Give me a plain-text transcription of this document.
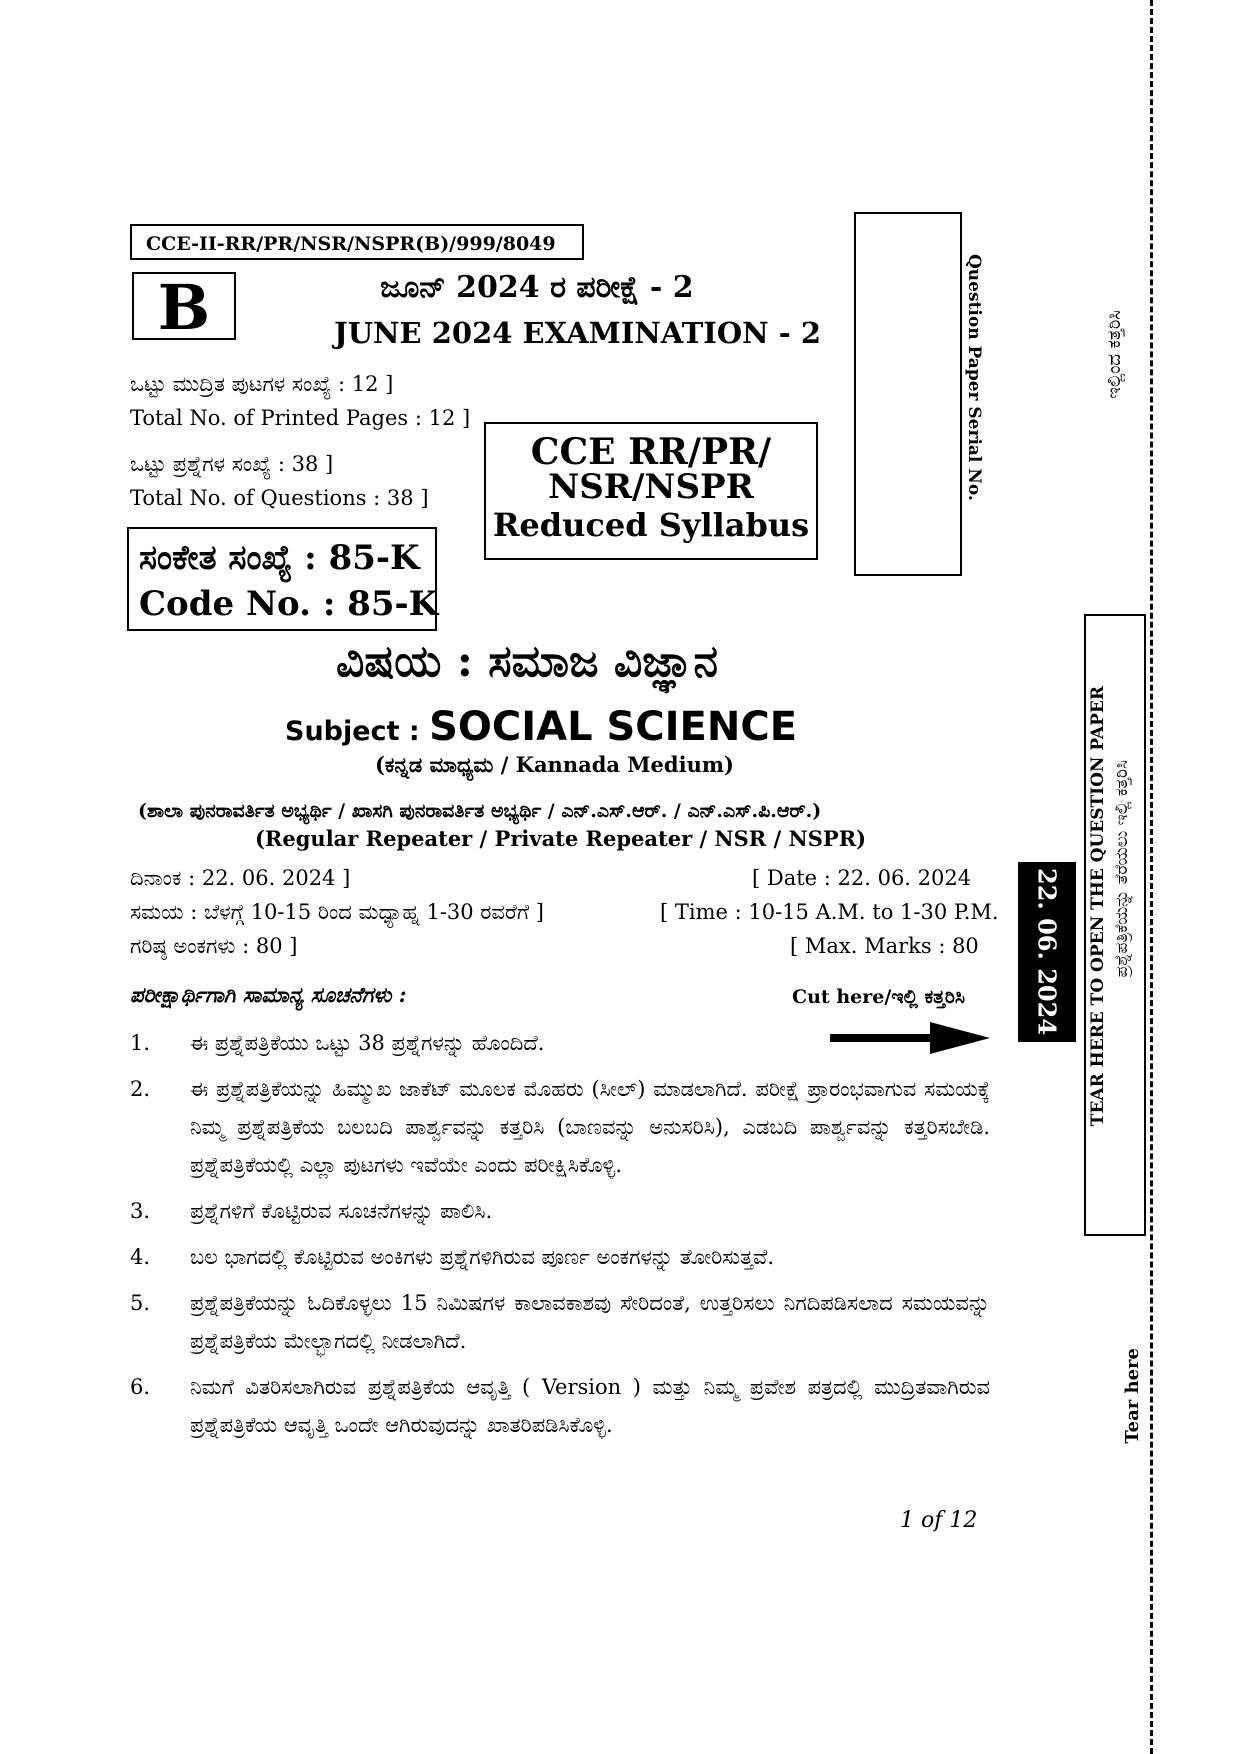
CCE-II-RR/PR/NSR/NSPR(B)/999/8049
B	ಜೂನ್ 2024 ರ ಪರೀಕ್ಷೆ - 2
JUNE 2024 EXAMINATION - 2
ಒಟ್ಟು ಮುದ್ರಿತ ಪುಟಗಳ ಸಂಖ್ಯೆ : 12 ]
Total No. of Printed Pages : 12 ]
ಒಟ್ಟು ಪ್ರಶ್ನೆಗಳ ಸಂಖ್ಯೆ : 38 ]
Total No. of Questions : 38 ]
CCE RR/PR/
NSR/NSPR
Reduced Syllabus
ಸಂಕೇತ ಸಂಖ್ಯೆ : 85-K
Code No. : 85-K
Question Paper Serial No.
ವಿಷಯ : ಸಮಾಜ ವಿಜ್ಞಾನ
Subject : SOCIAL SCIENCE
(ಕನ್ನಡ ಮಾಧ್ಯಮ / Kannada Medium)
(ಶಾಲಾ ಪುನರಾವರ್ತಿತ ಅಭ್ಯರ್ಥಿ / ಖಾಸಗಿ ಪುನರಾವರ್ತಿತ ಅಭ್ಯರ್ಥಿ / ಎನ್.ಎಸ್.ಆರ್. / ಎನ್.ಎಸ್.ಪಿ.ಆರ್.)
(Regular Repeater / Private Repeater / NSR / NSPR)
ದಿನಾಂಕ : 22. 06. 2024 ]	[ Date : 22. 06. 2024
ಸಮಯ : ಬೆಳಗ್ಗೆ 10-15 ರಿಂದ ಮಧ್ಯಾಹ್ನ 1-30 ರವರೆಗೆ ]	[ Time : 10-15 A.M. to 1-30 P.M.
ಗರಿಷ್ಠ ಅಂಕಗಳು : 80 ]	[ Max. Marks : 80
ಪರೀಕ್ಷಾರ್ಥಿಗಾಗಿ ಸಾಮಾನ್ಯ ಸೂಚನೆಗಳು :	Cut here/ಇಲ್ಲಿ ಕತ್ತರಿಸಿ
1.	ಈ ಪ್ರಶ್ನೆಪತ್ರಿಕೆಯು ಒಟ್ಟು 38 ಪ್ರಶ್ನೆಗಳನ್ನು ಹೊಂದಿದೆ.
2.	ಈ ಪ್ರಶ್ನೆಪತ್ರಿಕೆಯನ್ನು ಹಿಮ್ಮುಖ ಜಾಕೆಟ್ ಮೂಲಕ ಮೊಹರು (ಸೀಲ್) ಮಾಡಲಾಗಿದೆ. ಪರೀಕ್ಷೆ ಪ್ರಾರಂಭವಾಗುವ ಸಮಯಕ್ಕೆ ನಿಮ್ಮ ಪ್ರಶ್ನೆಪತ್ರಿಕೆಯ ಬಲಬದಿ ಪಾರ್ಶ್ವವನ್ನು ಕತ್ತರಿಸಿ (ಬಾಣವನ್ನು ಅನುಸರಿಸಿ), ಎಡಬದಿ ಪಾರ್ಶ್ವವನ್ನು ಕತ್ತರಿಸಬೇಡಿ. ಪ್ರಶ್ನೆಪತ್ರಿಕೆಯಲ್ಲಿ ಎಲ್ಲಾ ಪುಟಗಳು ಇವೆಯೇ ಎಂದು ಪರೀಕ್ಷಿಸಿಕೊಳ್ಳಿ.
3.	ಪ್ರಶ್ನೆಗಳಿಗೆ ಕೊಟ್ಟಿರುವ ಸೂಚನೆಗಳನ್ನು ಪಾಲಿಸಿ.
4.	ಬಲ ಭಾಗದಲ್ಲಿ ಕೊಟ್ಟಿರುವ ಅಂಕಿಗಳು ಪ್ರಶ್ನೆಗಳಿಗಿರುವ ಪೂರ್ಣ ಅಂಕಗಳನ್ನು ತೋರಿಸುತ್ತವೆ.
5.	ಪ್ರಶ್ನೆಪತ್ರಿಕೆಯನ್ನು ಓದಿಕೊಳ್ಳಲು 15 ನಿಮಿಷಗಳ ಕಾಲಾವಕಾಶವು ಸೇರಿದಂತೆ, ಉತ್ತರಿಸಲು ನಿಗದಿಪಡಿಸಲಾದ ಸಮಯವನ್ನು ಪ್ರಶ್ನೆಪತ್ರಿಕೆಯ ಮೇಲ್ಭಾಗದಲ್ಲಿ ನೀಡಲಾಗಿದೆ.
6.	ನಿಮಗೆ ವಿತರಿಸಲಾಗಿರುವ ಪ್ರಶ್ನೆಪತ್ರಿಕೆಯ ಆವೃತ್ತಿ ( Version ) ಮತ್ತು ನಿಮ್ಮ ಪ್ರವೇಶ ಪತ್ರದಲ್ಲಿ ಮುದ್ರಿತವಾಗಿರುವ ಪ್ರಶ್ನೆಪತ್ರಿಕೆಯ ಆವೃತ್ತಿ ಒಂದೇ ಆಗಿರುವುದನ್ನು ಖಾತರಿಪಡಿಸಿಕೊಳ್ಳಿ.
22. 06. 2024 TEAR HERE TO OPEN THE QUESTION PAPER ಪ್ರಶ್ನೆಪತ್ರಿಕೆಯನ್ನು ತೆರೆಯಲು ಇಲ್ಲಿ ಕತ್ತರಿಸಿ
ಇಲ್ಲಿಂದ ಕತ್ತರಿಸಿ
Tear here
1 of 12
